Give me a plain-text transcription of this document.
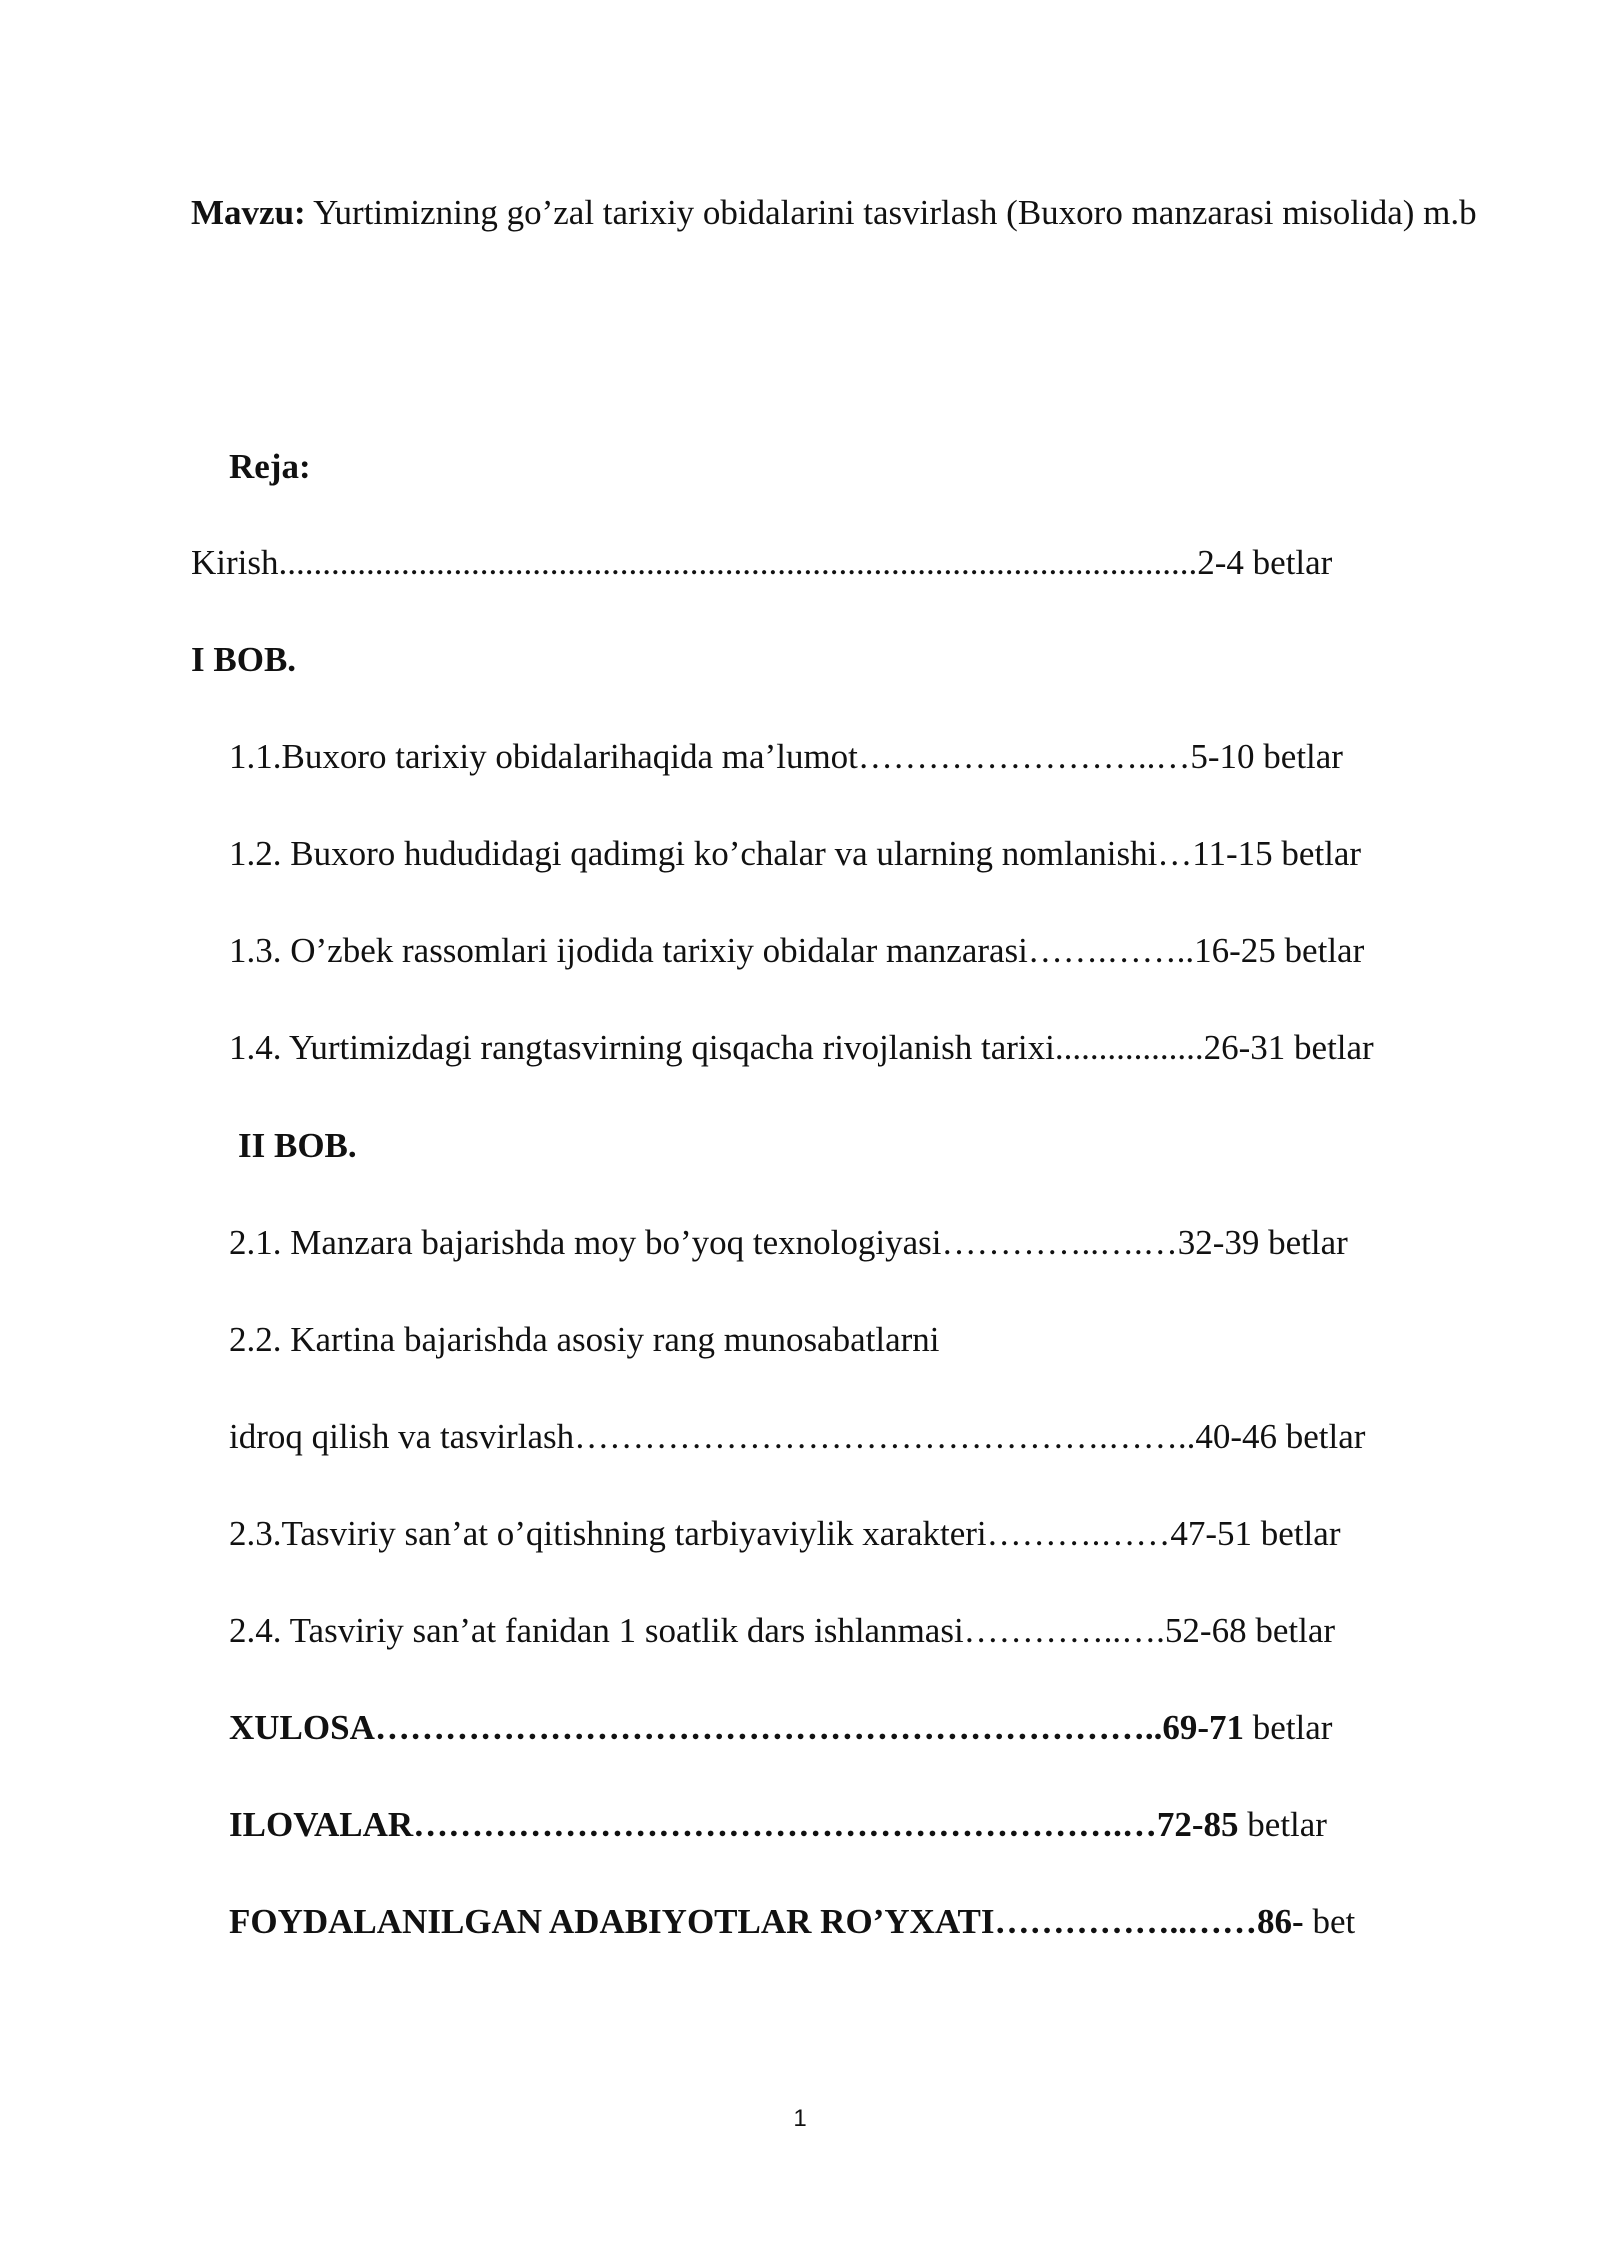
Mavzu: Yurtimizning go’zal tarixiy obidalarini tasvirlash (Buxoro manzarasi misolida) m.b

Reja:

Kirish.........................................................................................................2-4 betlar

I BOB.

1.1.Buxoro tarixiy obidalarihaqida ma’lumot……………………..…5-10 betlar

1.2. Buxoro hududidagi qadimgi ko’chalar va ularning nomlanishi…11-15 betlar

1.3. O’zbek rassomlari ijodida tarixiy obidalar manzarasi…….……..16-25 betlar

1.4. Yurtimizdagi rangtasvirning qisqacha rivojlanish tarixi.................26-31 betlar

II BOB.

2.1. Manzara bajarishda moy bo’yoq texnologiyasi…………..….…32-39 betlar

2.2. Kartina bajarishda asosiy rang munosabatlarni

idroq qilish va tasvirlash……………………………………….……..40-46 betlar

2.3.Tasviriy san’at o’qitishning tarbiyaviylik xarakteri……….……47-51 betlar

2.4. Tasviriy san’at fanidan 1 soatlik dars ishlanmasi…………..….52-68 betlar

XULOSA…………………………………………………………..69-71 betlar

ILOVALAR…………………………………………………….…72-85 betlar

FOYDALANILGAN ADABIYOTLAR RO’YXATI……………..……86- bet

1
